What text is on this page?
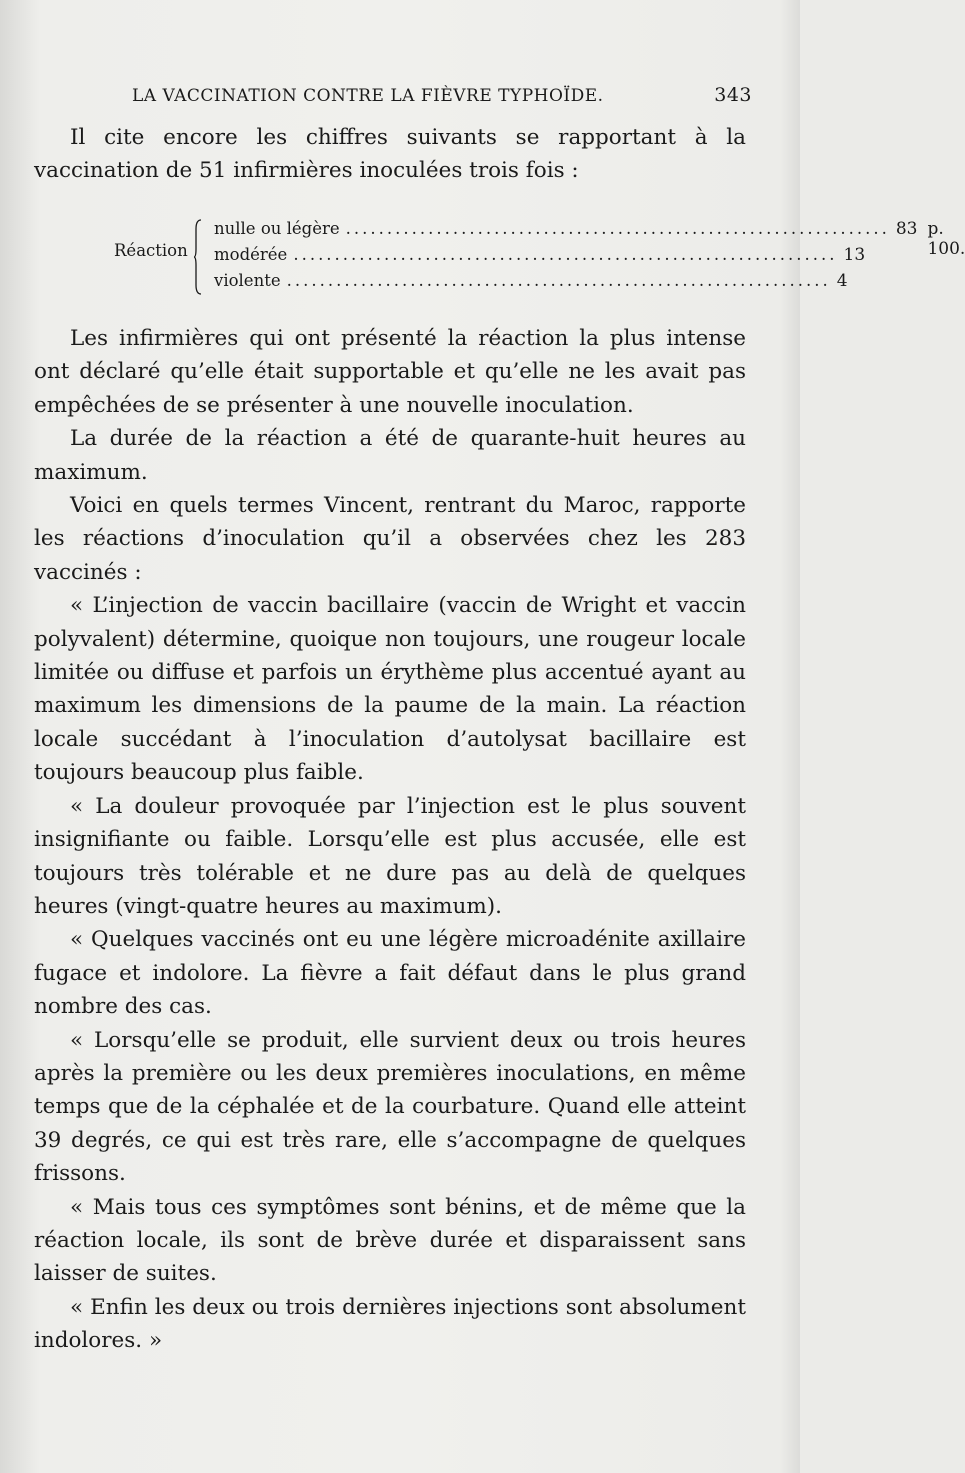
LA VACCINATION CONTRE LA FIÈVRE TYPHOÏDE.	343

Il cite encore les chiffres suivants se rapportant à la vaccination de 51 infirmières inoculées trois fois :

Réaction
nulle ou légère .................................................................. 83 p. 100.
modérée .................................................................. 13
violente .................................................................. 4

Les infirmières qui ont présenté la réaction la plus intense ont déclaré qu’elle était supportable et qu’elle ne les avait pas empêchées de se présenter à une nouvelle inoculation.

La durée de la réaction a été de quarante-huit heures au maximum.

Voici en quels termes Vincent, rentrant du Maroc, rapporte les réactions d’inoculation qu’il a observées chez les 283 vaccinés :

« L’injection de vaccin bacillaire (vaccin de Wright et vaccin polyvalent) détermine, quoique non toujours, une rougeur locale limitée ou diffuse et parfois un érythème plus accentué ayant au maximum les dimensions de la paume de la main. La réaction locale succédant à l’inoculation d’autolysat bacillaire est toujours beaucoup plus faible.

« La douleur provoquée par l’injection est le plus souvent insignifiante ou faible. Lorsqu’elle est plus accusée, elle est toujours très tolérable et ne dure pas au delà de quelques heures (vingt-quatre heures au maximum).

« Quelques vaccinés ont eu une légère microadénite axillaire fugace et indolore. La fièvre a fait défaut dans le plus grand nombre des cas.

« Lorsqu’elle se produit, elle survient deux ou trois heures après la première ou les deux premières inoculations, en même temps que de la céphalée et de la courbature. Quand elle atteint 39 degrés, ce qui est très rare, elle s’accompagne de quelques frissons.

« Mais tous ces symptômes sont bénins, et de même que la réaction locale, ils sont de brève durée et disparaissent sans laisser de suites.

« Enfin les deux ou trois dernières injections sont absolument indolores. »
